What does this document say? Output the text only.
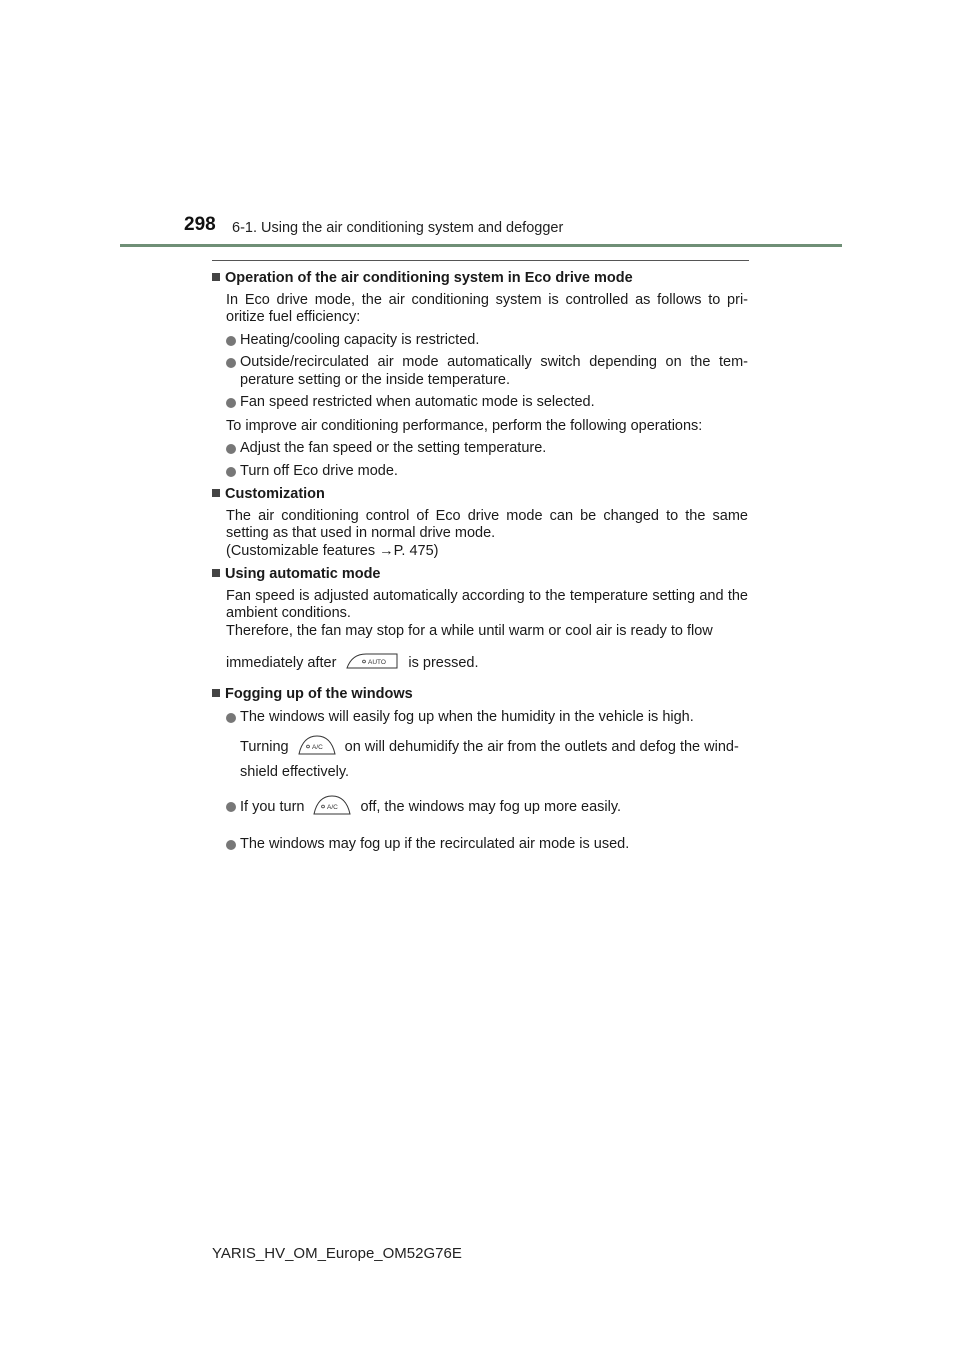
298 6-1. Using the air conditioning system and defogger
Operation of the air conditioning system in Eco drive mode
In Eco drive mode, the air conditioning system is controlled as follows to pri-oritize fuel efficiency:
Heating/cooling capacity is restricted.
Outside/recirculated air mode automatically switch depending on the tem-perature setting or the inside temperature.
Fan speed restricted when automatic mode is selected.
To improve air conditioning performance, perform the following operations:
Adjust the fan speed or the setting temperature.
Turn off Eco drive mode.
Customization
The air conditioning control of Eco drive mode can be changed to the same setting as that used in normal drive mode.
(Customizable features →P. 475)
Using automatic mode
Fan speed is adjusted automatically according to the temperature setting and the ambient conditions.
Therefore, the fan may stop for a while until warm or cool air is ready to flow
immediately after	AUTO is pressed.
Fogging up of the windows
The windows will easily fog up when the humidity in the vehicle is high.
Turning	A/C on will dehumidify the air from the outlets and defog the wind-
shield effectively.
If you turn	A/C off, the windows may fog up more easily.
The windows may fog up if the recirculated air mode is used.
YARIS_HV_OM_Europe_OM52G76E
